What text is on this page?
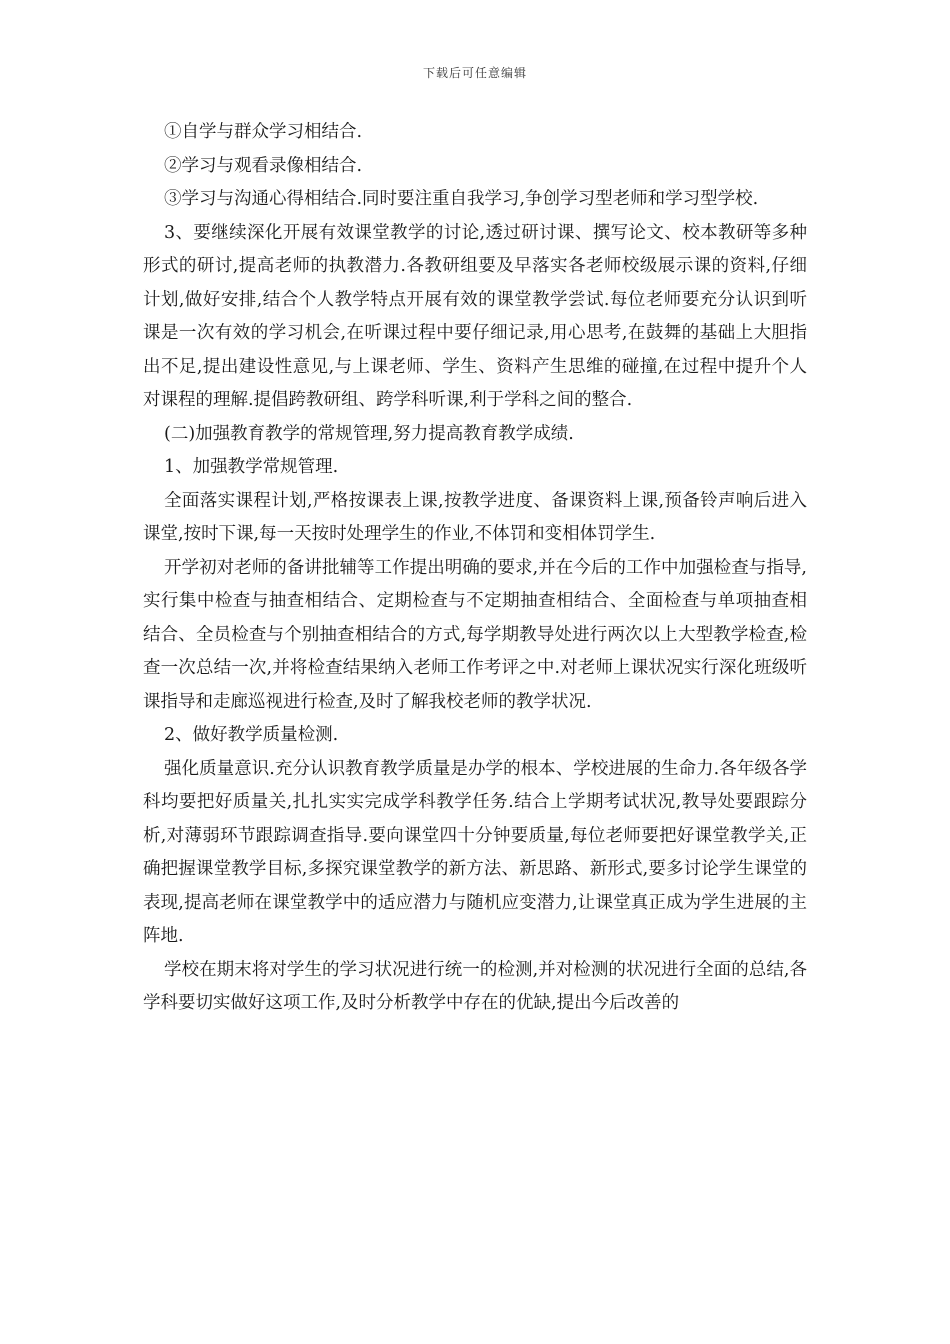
下载后可任意编辑

①自学与群众学习相结合.

②学习与观看录像相结合.

③学习与沟通心得相结合.同时要注重自我学习,争创学习型老师和学习型学校.

3、要继续深化开展有效课堂教学的讨论,透过研讨课、撰写论文、校本教研等多种形式的研讨,提高老师的执教潜力.各教研组要及早落实各老师校级展示课的资料,仔细计划,做好安排,结合个人教学特点开展有效的课堂教学尝试.每位老师要充分认识到听课是一次有效的学习机会,在听课过程中要仔细记录,用心思考,在鼓舞的基础上大胆指出不足,提出建设性意见,与上课老师、学生、资料产生思维的碰撞,在过程中提升个人对课程的理解.提倡跨教研组、跨学科听课,利于学科之间的整合.

(二)加强教育教学的常规管理,努力提高教育教学成绩.

1、加强教学常规管理.

全面落实课程计划,严格按课表上课,按教学进度、备课资料上课,预备铃声响后进入课堂,按时下课,每一天按时处理学生的作业,不体罚和变相体罚学生.

开学初对老师的备讲批辅等工作提出明确的要求,并在今后的工作中加强检查与指导,实行集中检查与抽查相结合、定期检查与不定期抽查相结合、全面检查与单项抽查相结合、全员检查与个别抽查相结合的方式,每学期教导处进行两次以上大型教学检查,检查一次总结一次,并将检查结果纳入老师工作考评之中.对老师上课状况实行深化班级听课指导和走廊巡视进行检查,及时了解我校老师的教学状况.

2、做好教学质量检测.

强化质量意识.充分认识教育教学质量是办学的根本、学校进展的生命力.各年级各学科均要把好质量关,扎扎实实完成学科教学任务.结合上学期考试状况,教导处要跟踪分析,对薄弱环节跟踪调查指导.要向课堂四十分钟要质量,每位老师要把好课堂教学关,正确把握课堂教学目标,多探究课堂教学的新方法、新思路、新形式,要多讨论学生课堂的表现,提高老师在课堂教学中的适应潜力与随机应变潜力,让课堂真正成为学生进展的主阵地.

学校在期末将对学生的学习状况进行统一的检测,并对检测的状况进行全面的总结,各学科要切实做好这项工作,及时分析教学中存在的优缺,提出今后改善的
